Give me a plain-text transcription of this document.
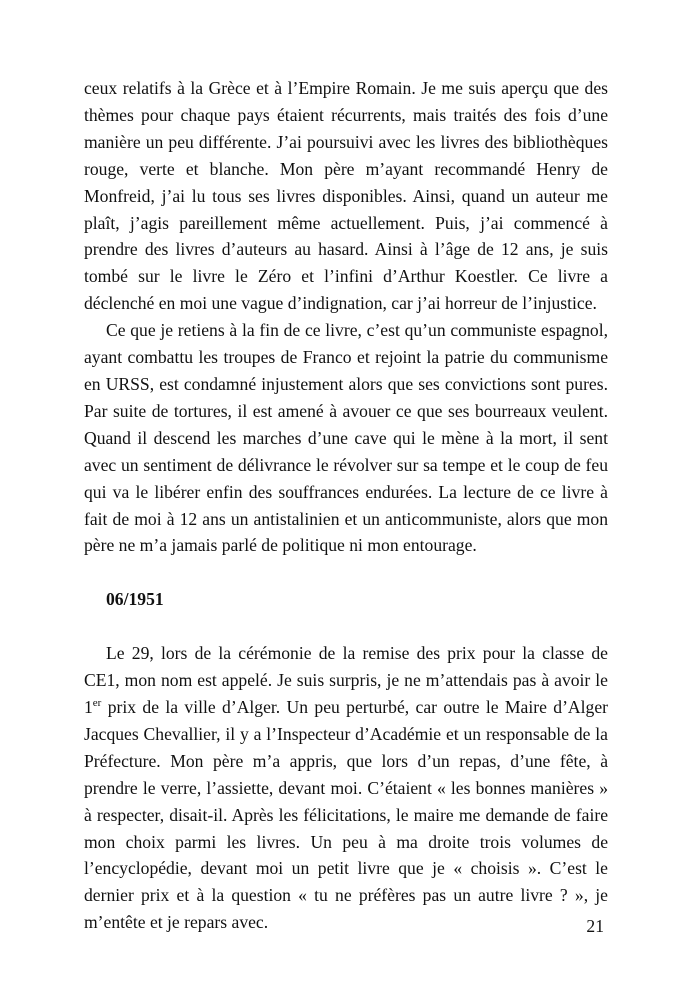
ceux relatifs à la Grèce et à l’Empire Romain. Je me suis aperçu que des thèmes pour chaque pays étaient récurrents, mais traités des fois d’une manière un peu différente. J’ai poursuivi avec les livres des bibliothèques rouge, verte et blanche. Mon père m’ayant recommandé Henry de Monfreid, j’ai lu tous ses livres disponibles. Ainsi, quand un auteur me plaît, j’agis pareillement même actuellement. Puis, j’ai commencé à prendre des livres d’auteurs au hasard. Ainsi à l’âge de 12 ans, je suis tombé sur le livre le Zéro et l’infini d’Arthur Koestler. Ce livre a déclenché en moi une vague d’indignation, car j’ai horreur de l’injustice.

Ce que je retiens à la fin de ce livre, c’est qu’un communiste espagnol, ayant combattu les troupes de Franco et rejoint la patrie du communisme en URSS, est condamné injustement alors que ses convictions sont pures. Par suite de tortures, il est amené à avouer ce que ses bourreaux veulent. Quand il descend les marches d’une cave qui le mène à la mort, il sent avec un sentiment de délivrance le révolver sur sa tempe et le coup de feu qui va le libérer enfin des souffrances endurées. La lecture de ce livre à fait de moi à 12 ans un antistalinien et un anticommuniste, alors que mon père ne m’a jamais parlé de politique ni mon entourage.

06/1951

Le 29, lors de la cérémonie de la remise des prix pour la classe de CE1, mon nom est appelé. Je suis surpris, je ne m’attendais pas à avoir le 1er prix de la ville d’Alger. Un peu perturbé, car outre le Maire d’Alger Jacques Chevallier, il y a l’Inspecteur d’Académie et un responsable de la Préfecture. Mon père m’a appris, que lors d’un repas, d’une fête, à prendre le verre, l’assiette, devant moi. C’étaient « les bonnes manières » à respecter, disait-il. Après les félicitations, le maire me demande de faire mon choix parmi les livres. Un peu à ma droite trois volumes de l’encyclopédie, devant moi un petit livre que je « choisis ». C’est le dernier prix et à la question « tu ne préfères pas un autre livre ? », je m’entête et je repars avec.	21
